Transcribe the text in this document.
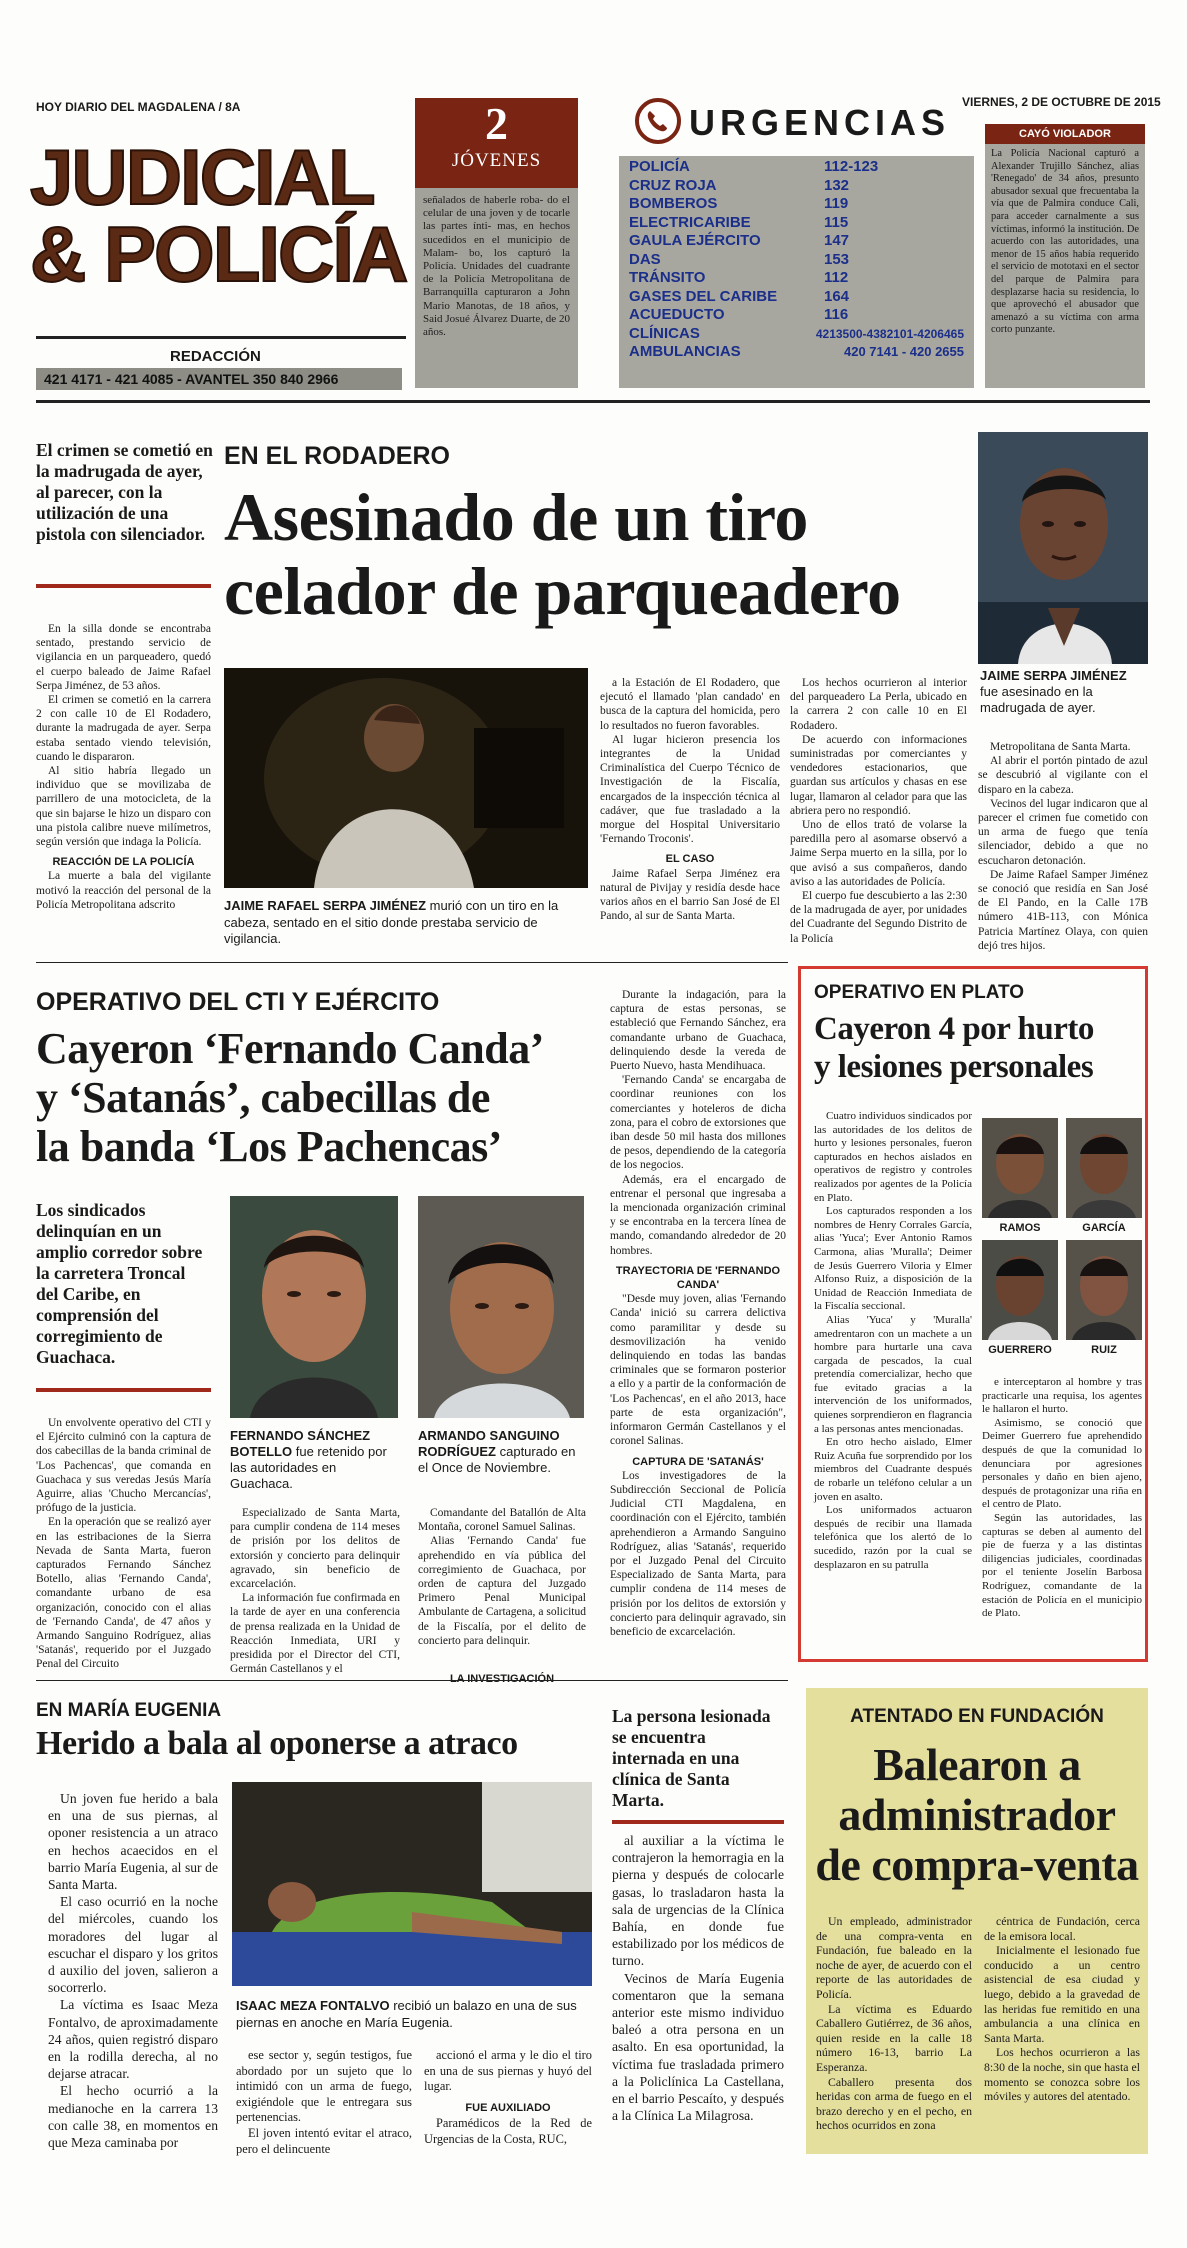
HOY DIARIO DEL MAGDALENA / 8A	VIERNES, 2 DE OCTUBRE DE 2015
JUDICIAL
& POLICÍA
REDACCIÓN
421 4171 - 421 4085 - AVANTEL 350 840 2966
2
JÓVENES
señalados de haberle roba- do el celular de una joven y de tocarle las partes ínti- mas, en hechos sucedidos en el municipio de Malam- bo, los capturó la Policía. Unidades del cuadrante de la Policía Metropolitana de Barranquilla capturaron a John Mario Manotas, de 18 años, y Said Josué Álvarez Duarte, de 20 años.
URGENCIAS
POLICÍA	112-123
CRUZ ROJA	132
BOMBEROS	119
ELECTRICARIBE	115
GAULA EJÉRCITO	147
DAS	153
TRÁNSITO	112
GASES DEL CARIBE	164
ACUEDUCTO	116
CLÍNICAS	4213500-4382101-4206465
AMBULANCIAS	420 7141 - 420 2655
CAYÓ VIOLADOR
La Policía Nacional capturó a Alexander Trujillo Sánchez, alias 'Renegado' de 34 años, presunto abusador sexual que frecuentaba la vía que de Palmira conduce Cali, para acceder carnalmente a sus víctimas, informó la institución. De acuerdo con las autoridades, una menor de 15 años había requerido el servicio de mototaxi en el sector del parque de Palmira para desplazarse hacia su residencia, lo que aprovechó el abusador que amenazó a su víctima con arma corto punzante.
El crimen se cometió en la madrugada de ayer, al parecer, con la utilización de una pistola con silenciador.
EN EL RODADERO
Asesinado de un tiro
celador de parqueadero
JAIME SERPA JIMÉNEZ fue asesinado en la madrugada de ayer.

En la silla donde se encontraba sentado, prestando servicio de vigilancia en un parqueadero, quedó el cuerpo baleado de Jaime Rafael Serpa Jiménez, de 53 años.

El crimen se cometió en la carrera 2 con calle 10 de El Rodadero, durante la madrugada de ayer. Serpa estaba sentado viendo televisión, cuando le dispararon.

Al sitio habría llegado un individuo que se movilizaba de parrillero de una motocicleta, de la que sin bajarse le hizo un disparo con una pistola calibre nueve milímetros, según versión que indaga la Policía.

REACCIÓN DE LA POLICÍA

La muerte a bala del vigilante motivó la reacción del personal de la Policía Metropolitana adscrito	JAIME RAFAEL SERPA JIMÉNEZ murió con un tiro en la cabeza, sentado en el sitio donde prestaba servicio de vigilancia.

a la Estación de El Rodadero, que ejecutó el llamado 'plan candado' en busca de la captura del homicida, pero lo resultados no fueron favorables.

Al lugar hicieron presencia los integrantes de la Unidad Criminalística del Cuerpo Técnico de Investigación de la Fiscalía, encargados de la inspección técnica al cadáver, que fue trasladado a la morgue del Hospital Universitario 'Fernando Troconis'.

EL CASO

Jaime Rafael Serpa Jiménez era natural de Pivijay y residía desde hace varios años en el barrio San José de El Pando, al sur de Santa Marta.

Los hechos ocurrieron al interior del parqueadero La Perla, ubicado en la carrera 2 con calle 10 en El Rodadero.

De acuerdo con informaciones suministradas por comerciantes y vendedores estacionarios, que guardan sus artículos y chasas en ese lugar, llamaron al celador para que las abriera pero no respondió.

Uno de ellos trató de volarse la paredilla pero al asomarse observó a Jaime Serpa muerto en la silla, por lo que avisó a sus compañeros, dando aviso a las autoridades de Policía.

El cuerpo fue descubierto a las 2:30 de la madrugada de ayer, por unidades del Cuadrante del Segundo Distrito de la Policía

Metropolitana de Santa Marta.

Al abrir el portón pintado de azul se descubrió al vigilante con el disparo en la cabeza.

Vecinos del lugar indicaron que al parecer el crimen fue cometido con un arma de fuego que tenía silenciador, debido a que no escucharon detonación.

De Jaime Rafael Samper Jiménez se conoció que residía en San José de El Pando, en la Calle 17B número 41B-113, con Mónica Patricia Martínez Olaya, con quien dejó tres hijos.

OPERATIVO DEL CTI Y EJÉRCITO
Cayeron ‘Fernando Canda’
y ‘Satanás’, cabecillas de
la banda ‘Los Pachencas’
Los sindicados delinquían en un amplio corredor sobre la carretera Troncal del Caribe, en comprensión del corregimiento de Guachaca.

Un envolvente operativo del CTI y el Ejército culminó con la captura de dos cabecillas de la banda criminal de 'Los Pachencas', que comanda en Guachaca y sus veredas Jesús María Aguirre, alias 'Chucho Mercancías', prófugo de la justicia.

En la operación que se realizó ayer en las estribaciones de la Sierra Nevada de Santa Marta, fueron capturados Fernando Sánchez Botello, alias 'Fernando Canda', comandante urbano de esa organización, conocido con el alias de 'Fernando Canda', de 47 años y Armando Sanguino Rodríguez, alias 'Satanás', requerido por el Juzgado Penal del Circuito

FERNANDO SÁNCHEZ BOTELLO fue retenido por las autoridades en Guachaca.
ARMANDO SANGUINO RODRÍGUEZ capturado en el Once de Noviembre.

Especializado de Santa Marta, para cumplir condena de 114 meses de prisión por los delitos de extorsión y concierto para delinquir agravado, sin beneficio de excarcelación.

La información fue confirmada en la tarde de ayer en una conferencia de prensa realizada en la Unidad de Reacción Inmediata, URI y presidida por el Director del CTI, Germán Castellanos y el

Comandante del Batallón de Alta Montaña, coronel Samuel Salinas.

Alias 'Fernando Canda' fue aprehendido en vía pública del corregimiento de Guachaca, por orden de captura del Juzgado Primero Penal Municipal Ambulante de Cartagena, a solicitud de la Fiscalía, por el delito de concierto para delinquir.

Durante la indagación, para la captura de estas personas, se estableció que Fernando Sánchez, era comandante urbano de Guachaca, delinquiendo desde la vereda de Puerto Nuevo, hasta Mendihuaca.

'Fernando Canda' se encargaba de coordinar reuniones con los comerciantes y hoteleros de dicha zona, para el cobro de extorsiones que iban desde 50 mil hasta dos millones de pesos, dependiendo de la categoría de los negocios.

Además, era el encargado de entrenar el personal que ingresaba a la mencionada organización criminal y se encontraba en la tercera línea de mando, comandando alrededor de 20 hombres.

TRAYECTORIA DE 'FERNANDO CANDA'

"Desde muy joven, alias 'Fernando Canda' inició su carrera delictiva como paramilitar y desde su desmovilización ha venido delinquiendo en todas las bandas criminales que se formaron posterior a ello y a partir de la conformación de 'Los Pachencas', en el año 2013, hace parte de esta organización", informaron Germán Castellanos y el coronel Salinas.

CAPTURA DE 'SATANÁS'

Los investigadores de la Subdirección Seccional de Policía Judicial CTI Magdalena, en coordinación con el Ejército, también aprehendieron a Armando Sanguino Rodríguez, alias 'Satanás', requerido por el Juzgado Penal del Circuito Especializado de Santa Marta, para cumplir condena de 114 meses de prisión por los delitos de extorsión y concierto para delinquir agravado, sin beneficio de excarcelación.

OPERATIVO EN PLATO
Cayeron 4 por hurto
y lesiones personales

Cuatro individuos sindicados por las autoridades de los delitos de hurto y lesiones personales, fueron capturados en hechos aislados en operativos de registro y controles realizados por agentes de la Policía en Plato.

Los capturados responden a los nombres de Henry Corrales García, alias 'Yuca'; Ever Antonio Ramos Carmona, alias 'Muralla'; Deimer de Jesús Guerrero Viloria y Elmer Alfonso Ruiz, a disposición de la Unidad de Reacción Inmediata de la Fiscalía seccional.

Alias 'Yuca' y 'Muralla' amedrentaron con un machete a un hombre para hurtarle una cava cargada de pescados, la cual pretendía comercializar, hecho que fue evitado gracias a la intervención de los uniformados, quienes sorprendieron en flagrancia a las personas antes mencionadas.

En otro hecho aislado, Elmer Ruiz Acuña fue sorprendido por los miembros del Cuadrante después de robarle un teléfono celular a un joven en asalto.

Los uniformados actuaron después de recibir una llamada telefónica que los alertó de lo sucedido, razón por la cual se desplazaron en su patrulla

RAMOS	GARCÍA
GUERRERO	RUIZ

e interceptaron al hombre y tras practicarle una requisa, los agentes le hallaron el hurto.

Asimismo, se conoció que Deimer Guerrero fue aprehendido después de que la comunidad lo denunciara por agresiones personales y daño en bien ajeno, después de protagonizar una riña en el centro de Plato.

Según las autoridades, las capturas se deben al aumento del pie de fuerza y a las distintas diligencias judiciales, coordinadas por el teniente Joselín Barbosa Rodríguez, comandante de la estación de Policía en el municipio de Plato.

EN MARÍA EUGENIA
Herido a bala al oponerse a atraco
La persona lesionada se encuentra internada en una clínica de Santa Marta.

Un joven fue herido a bala en una de sus piernas, al oponer resistencia a un atraco en hechos acaecidos en el barrio María Eugenia, al sur de Santa Marta.

El caso ocurrió en la noche del miércoles, cuando los moradores del lugar al escuchar el disparo y los gritos d auxilio del joven, salieron a socorrerlo.

La víctima es Isaac Meza Fontalvo, de aproximadamente 24 años, quien registró disparo en la rodilla derecha, al no dejarse atracar.

El hecho ocurrió a la medianoche en la carrera 13 con calle 38, en momentos en que Meza caminaba por

ISAAC MEZA FONTALVO recibió un balazo en una de sus piernas en anoche en María Eugenia.

ese sector y, según testigos, fue abordado por un sujeto que lo intimidó con un arma de fuego, exigiéndole que le entregara sus pertenencias.

El joven intentó evitar el atraco, pero el delincuente

accionó el arma y le dio el tiro en una de sus piernas y huyó del lugar.

FUE AUXILIADO

Paramédicos de la Red de Urgencias de la Costa, RUC,

al auxiliar a la víctima le contrajeron la hemorragia en la pierna y después de colocarle gasas, lo trasladaron hasta la sala de urgencias de la Clínica Bahía, en donde fue estabilizado por los médicos de turno.

Vecinos de María Eugenia comentaron que la semana anterior este mismo individuo baleó a otra persona en un asalto. En esa oportunidad, la víctima fue trasladada primero a la Policlínica La Castellana, en el barrio Pescaíto, y después a la Clínica La Milagrosa.

ATENTADO EN FUNDACIÓN
Balearon a
administrador
de compra-venta

Un empleado, administrador de una compra-venta en Fundación, fue baleado en la noche de ayer, de acuerdo con el reporte de las autoridades de Policía.

La víctima es Eduardo Caballero Gutiérrez, de 36 años, quien reside en la calle 18 número 16-13, barrio La Esperanza.

Caballero presenta dos heridas con arma de fuego en el brazo derecho y en el pecho, en hechos ocurridos en zona

céntrica de Fundación, cerca de la emisora local.

Inicialmente el lesionado fue conducido a un centro asistencial de esa ciudad y luego, debido a la gravedad de las heridas fue remitido en una ambulancia a una clínica en Santa Marta.

Los hechos ocurrieron a las 8:30 de la noche, sin que hasta el momento se conozca sobre los móviles y autores del atentado.
